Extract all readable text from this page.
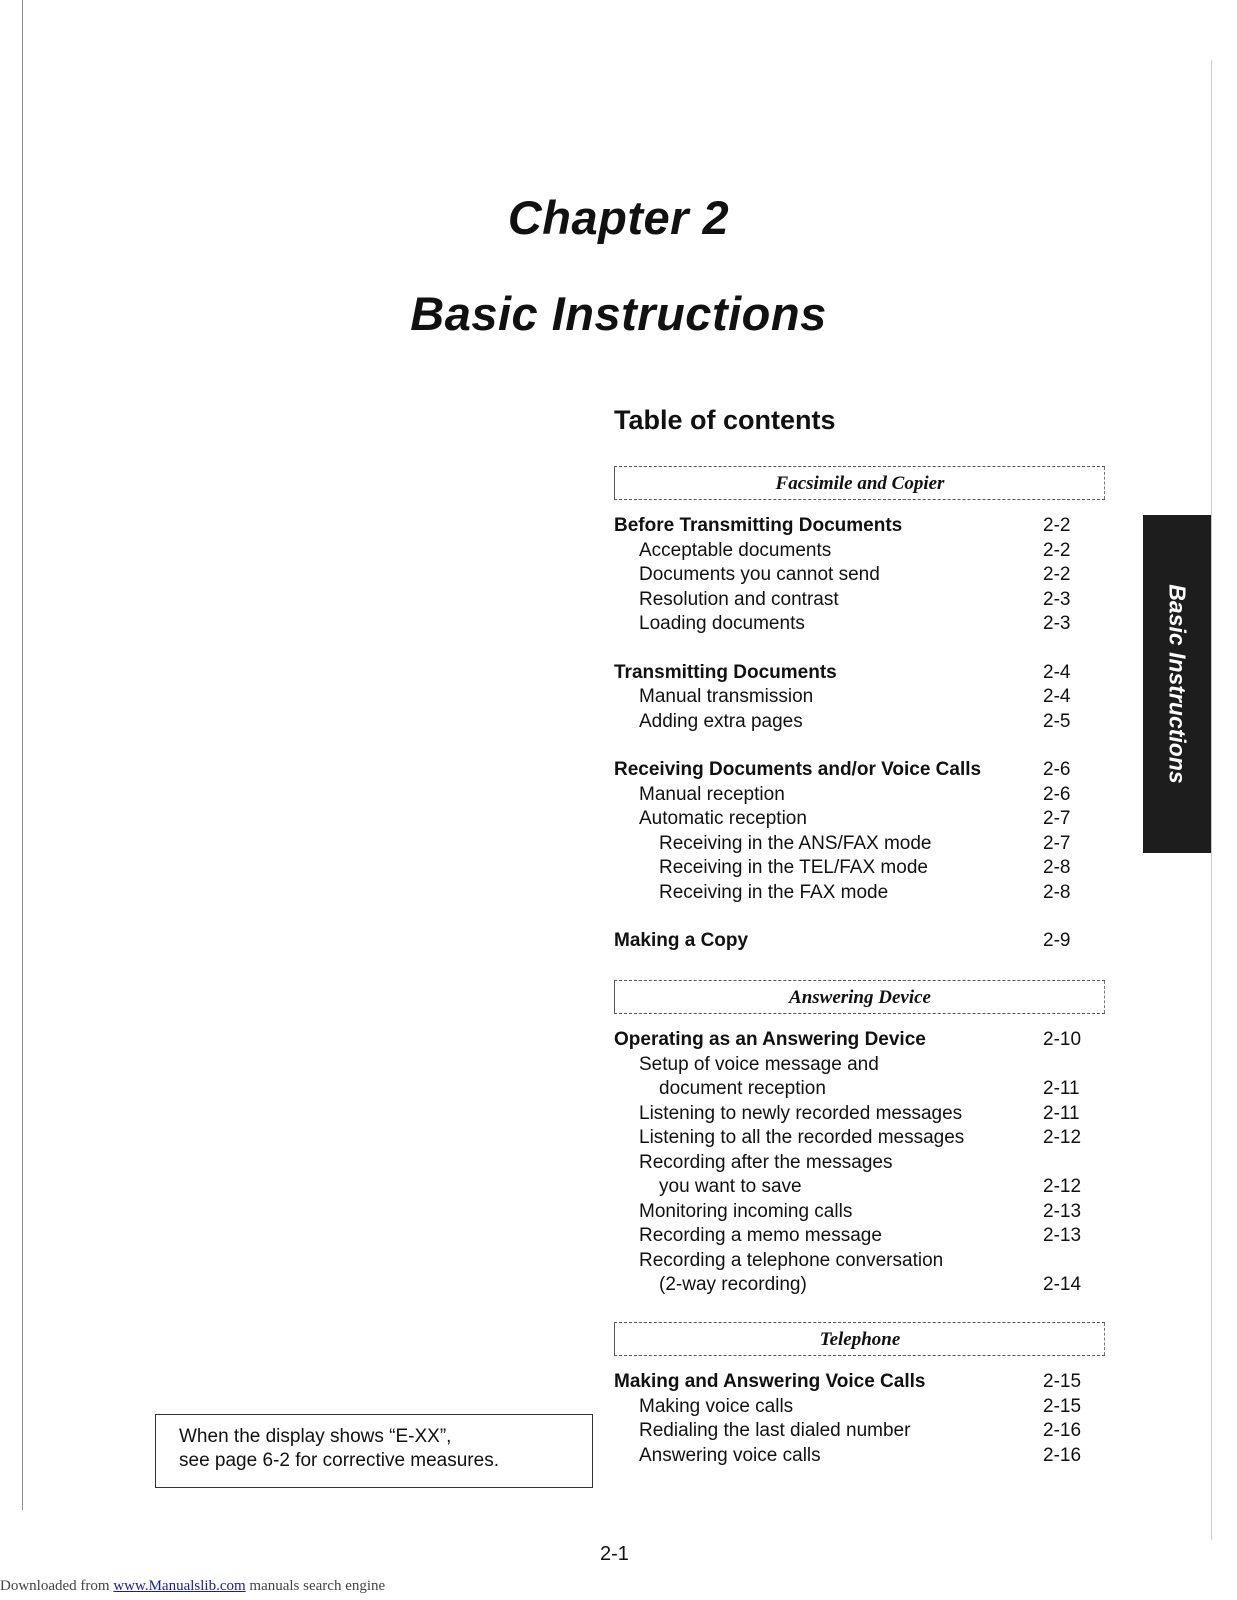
Chapter 2
Basic Instructions
Table of contents
Facsimile and Copier
Before Transmitting Documents	2-2
Acceptable documents	2-2
Documents you cannot send	2-2
Resolution and contrast	2-3
Loading documents	2-3
Transmitting Documents	2-4
Manual transmission	2-4
Adding extra pages	2-5
Receiving Documents and/or Voice Calls	2-6
Manual reception	2-6
Automatic reception	2-7
Receiving in the ANS/FAX mode	2-7
Receiving in the TEL/FAX mode	2-8
Receiving in the FAX mode	2-8
Making a Copy	2-9
Answering Device
Operating as an Answering Device	2-10
Setup of voice message and
document reception	2-11
Listening to newly recorded messages	2-11
Listening to all the recorded messages	2-12
Recording after the messages
you want to save	2-12
Monitoring incoming calls	2-13
Recording a memo message	2-13
Recording a telephone conversation
(2-way recording)	2-14
Telephone
Making and Answering Voice Calls	2-15
Making voice calls	2-15
Redialing the last dialed number	2-16
Answering voice calls	2-16
Basic Instructions
When the display shows “E-XX”,
see page 6-2 for corrective measures.
2-1
Downloaded from www.Manualslib.com manuals search engine
